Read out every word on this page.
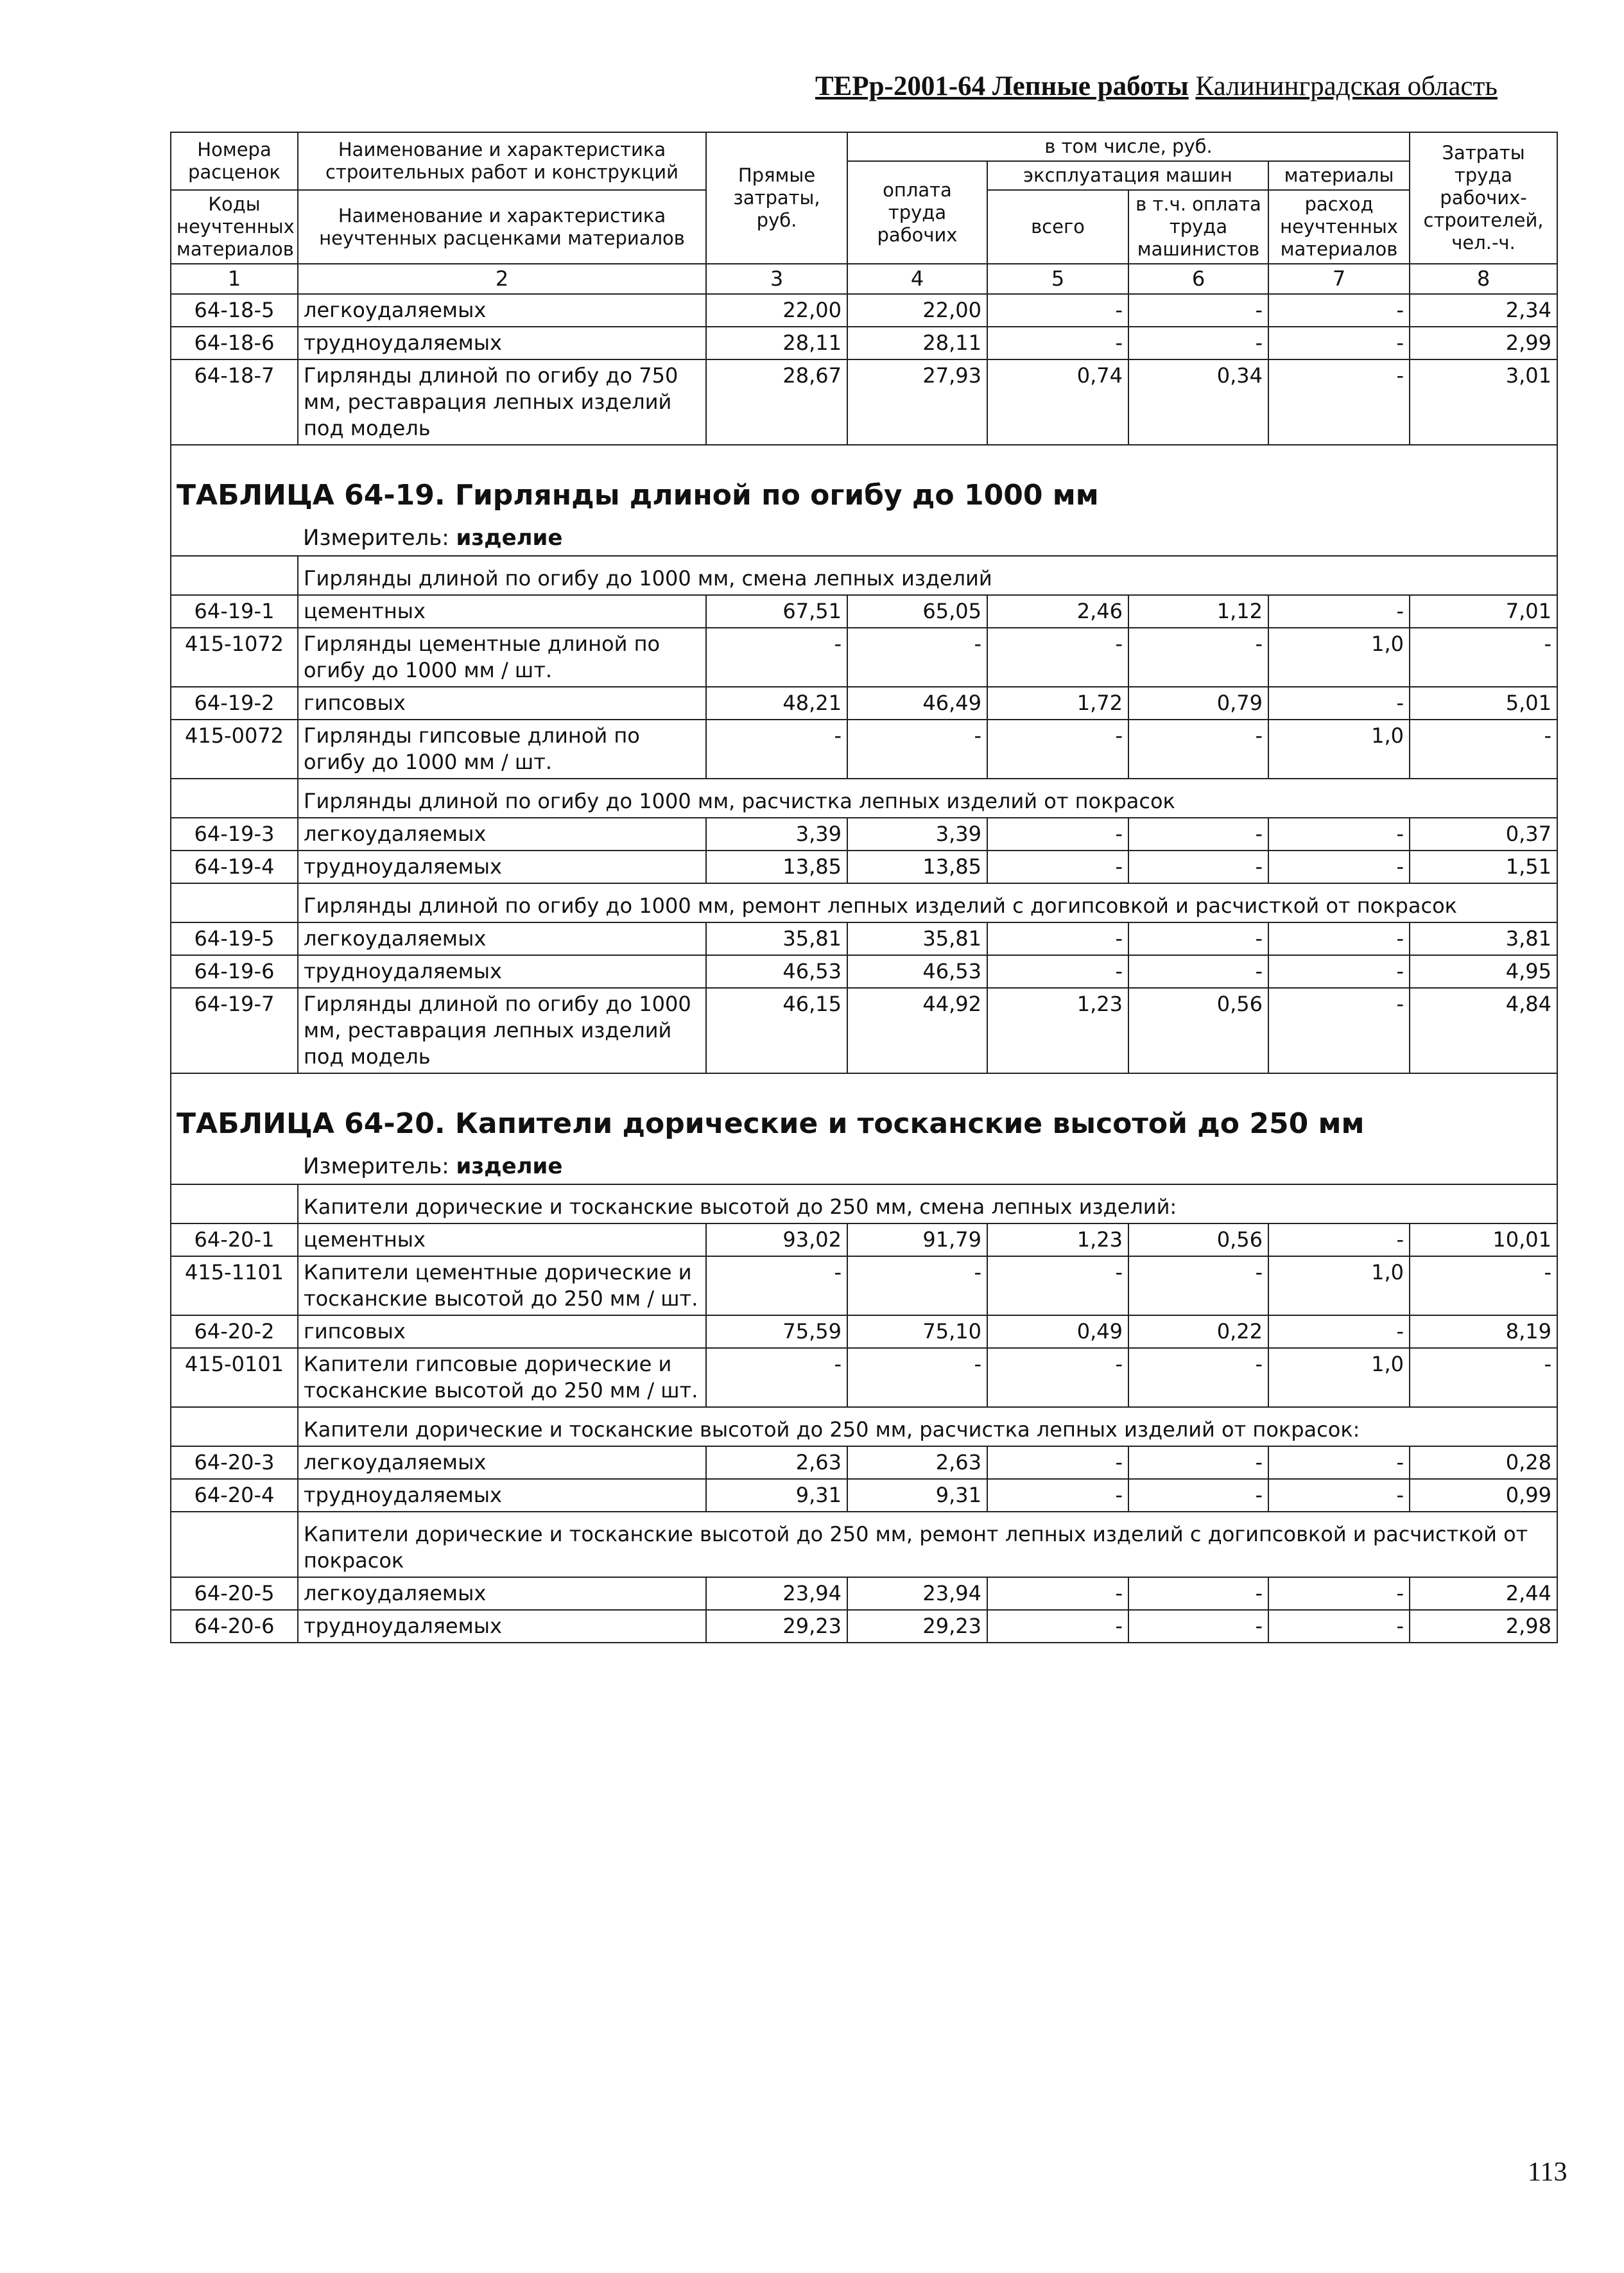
ТЕРр-2001-64 Лепные работы Калининградская область
Номера расценок	Наименование и характеристика строительных работ и конструкций	Прямые затраты, руб.	в том числе, руб.				Затраты труда рабочих-строителей, чел.-ч.
			оплата труда рабочих	эксплуатация машин		материалы	
Коды неучтенных материалов	Наименование и характеристика неучтенных расценками материалов			всего	в т.ч. оплата труда машинистов	расход неучтенных материалов	

1	2	3	4	5	6	7	8
64-18-5	легкоудаляемых	22,00	22,00	-	-	-	2,34
64-18-6	трудноудаляемых	28,11	28,11	-	-	-	2,99
64-18-7	Гирлянды длиной по огибу до 750 мм, реставрация лепных изделий под модель	28,67	27,93	0,74	0,34	-	3,01
ТАБЛИЦА 64-19. Гирлянды длиной по огибу до 1000 мм							
Измеритель: изделие							
	Гирлянды длиной по огибу до 1000 мм, смена лепных изделий						
64-19-1	цементных	67,51	65,05	2,46	1,12	-	7,01
415-1072	Гирлянды цементные длиной по огибу до 1000 мм / шт.	-	-	-	-	1,0	-
64-19-2	гипсовых	48,21	46,49	1,72	0,79	-	5,01
415-0072	Гирлянды гипсовые длиной по огибу до 1000 мм / шт.	-	-	-	-	1,0	-
	Гирлянды длиной по огибу до 1000 мм, расчистка лепных изделий от покрасок						
64-19-3	легкоудаляемых	3,39	3,39	-	-	-	0,37
64-19-4	трудноудаляемых	13,85	13,85	-	-	-	1,51
	Гирлянды длиной по огибу до 1000 мм, ремонт лепных изделий с догипсовкой и расчисткой от покрасок						
64-19-5	легкоудаляемых	35,81	35,81	-	-	-	3,81
64-19-6	трудноудаляемых	46,53	46,53	-	-	-	4,95
64-19-7	Гирлянды длиной по огибу до 1000 мм, реставрация лепных изделий под модель	46,15	44,92	1,23	0,56	-	4,84
ТАБЛИЦА 64-20. Капители дорические и тосканские высотой до 250 мм							
Измеритель: изделие							
	Капители дорические и тосканские высотой до 250 мм, смена лепных изделий:						
64-20-1	цементных	93,02	91,79	1,23	0,56	-	10,01
415-1101	Капители цементные дорические и тосканские высотой до 250 мм / шт.	-	-	-	-	1,0	-
64-20-2	гипсовых	75,59	75,10	0,49	0,22	-	8,19
415-0101	Капители гипсовые дорические и тосканские высотой до 250 мм / шт.	-	-	-	-	1,0	-
	Капители дорические и тосканские высотой до 250 мм, расчистка лепных изделий от покрасок:						
64-20-3	легкоудаляемых	2,63	2,63	-	-	-	0,28
64-20-4	трудноудаляемых	9,31	9,31	-	-	-	0,99
	Капители дорические и тосканские высотой до 250 мм, ремонт лепных изделий с догипсовкой и расчисткой от покрасок						
64-20-5	легкоудаляемых	23,94	23,94	-	-	-	2,44
64-20-6	трудноудаляемых	29,23	29,23	-	-	-	2,98
113
